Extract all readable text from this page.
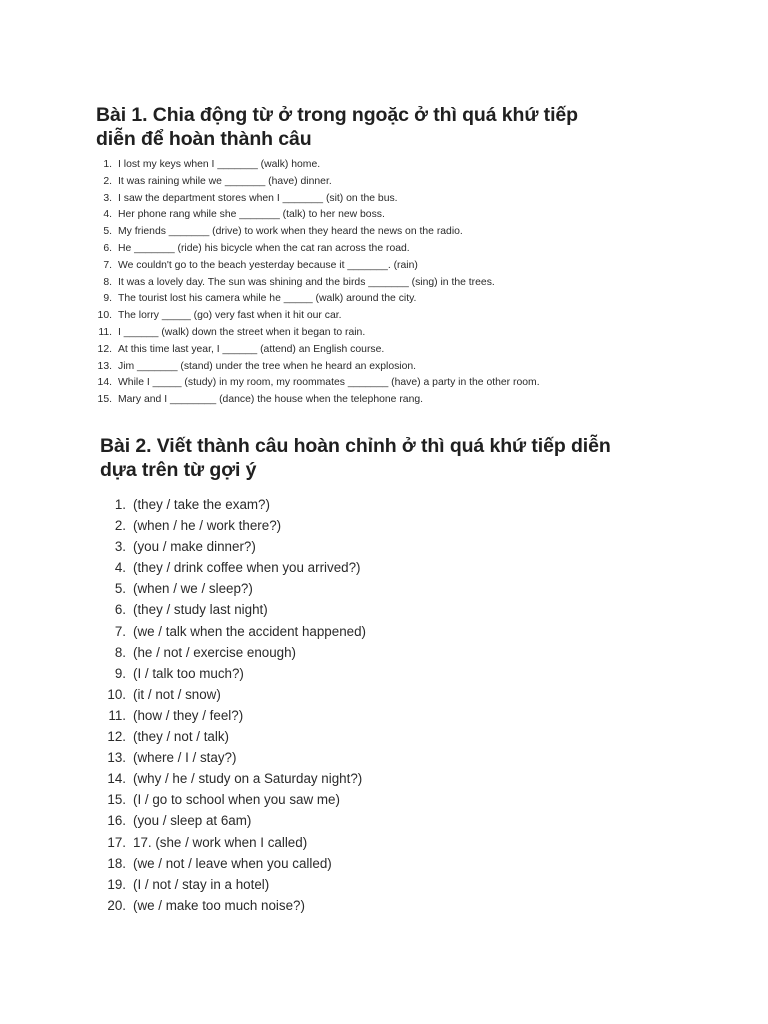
Bài 1. Chia động từ ở trong ngoặc ở thì quá khứ tiếp diễn để hoàn thành câu
1. I lost my keys when I _______ (walk) home.
2. It was raining while we _______ (have) dinner.
3. I saw the department stores when I _______ (sit) on the bus.
4. Her phone rang while she _______ (talk) to her new boss.
5. My friends _______ (drive) to work when they heard the news on the radio.
6. He _______ (ride) his bicycle when the cat ran across the road.
7. We couldn't go to the beach yesterday because it _______. (rain)
8. It was a lovely day. The sun was shining and the birds _______ (sing) in the trees.
9. The tourist lost his camera while he _____ (walk) around the city.
10. The lorry _____ (go) very fast when it hit our car.
11. I ______ (walk) down the street when it began to rain.
12. At this time last year, I ______ (attend) an English course.
13. Jim _______ (stand) under the tree when he heard an explosion.
14. While I _____ (study) in my room, my roommates _______ (have) a party in the other room.
15. Mary and I ________ (dance) the house when the telephone rang.
Bài 2. Viết thành câu hoàn chỉnh ở thì quá khứ tiếp diễn dựa trên từ gợi ý
1. (they / take the exam?)
2. (when / he / work there?)
3. (you / make dinner?)
4. (they / drink coffee when you arrived?)
5. (when / we / sleep?)
6. (they / study last night)
7. (we / talk when the accident happened)
8. (he / not / exercise enough)
9. (I / talk too much?)
10. (it / not / snow)
11. (how / they / feel?)
12. (they / not / talk)
13. (where / I / stay?)
14. (why / he / study on a Saturday night?)
15. (I / go to school when you saw me)
16. (you / sleep at 6am)
17. 17. (she / work when I called)
18. (we / not / leave when you called)
19. (I / not / stay in a hotel)
20. (we / make too much noise?)
